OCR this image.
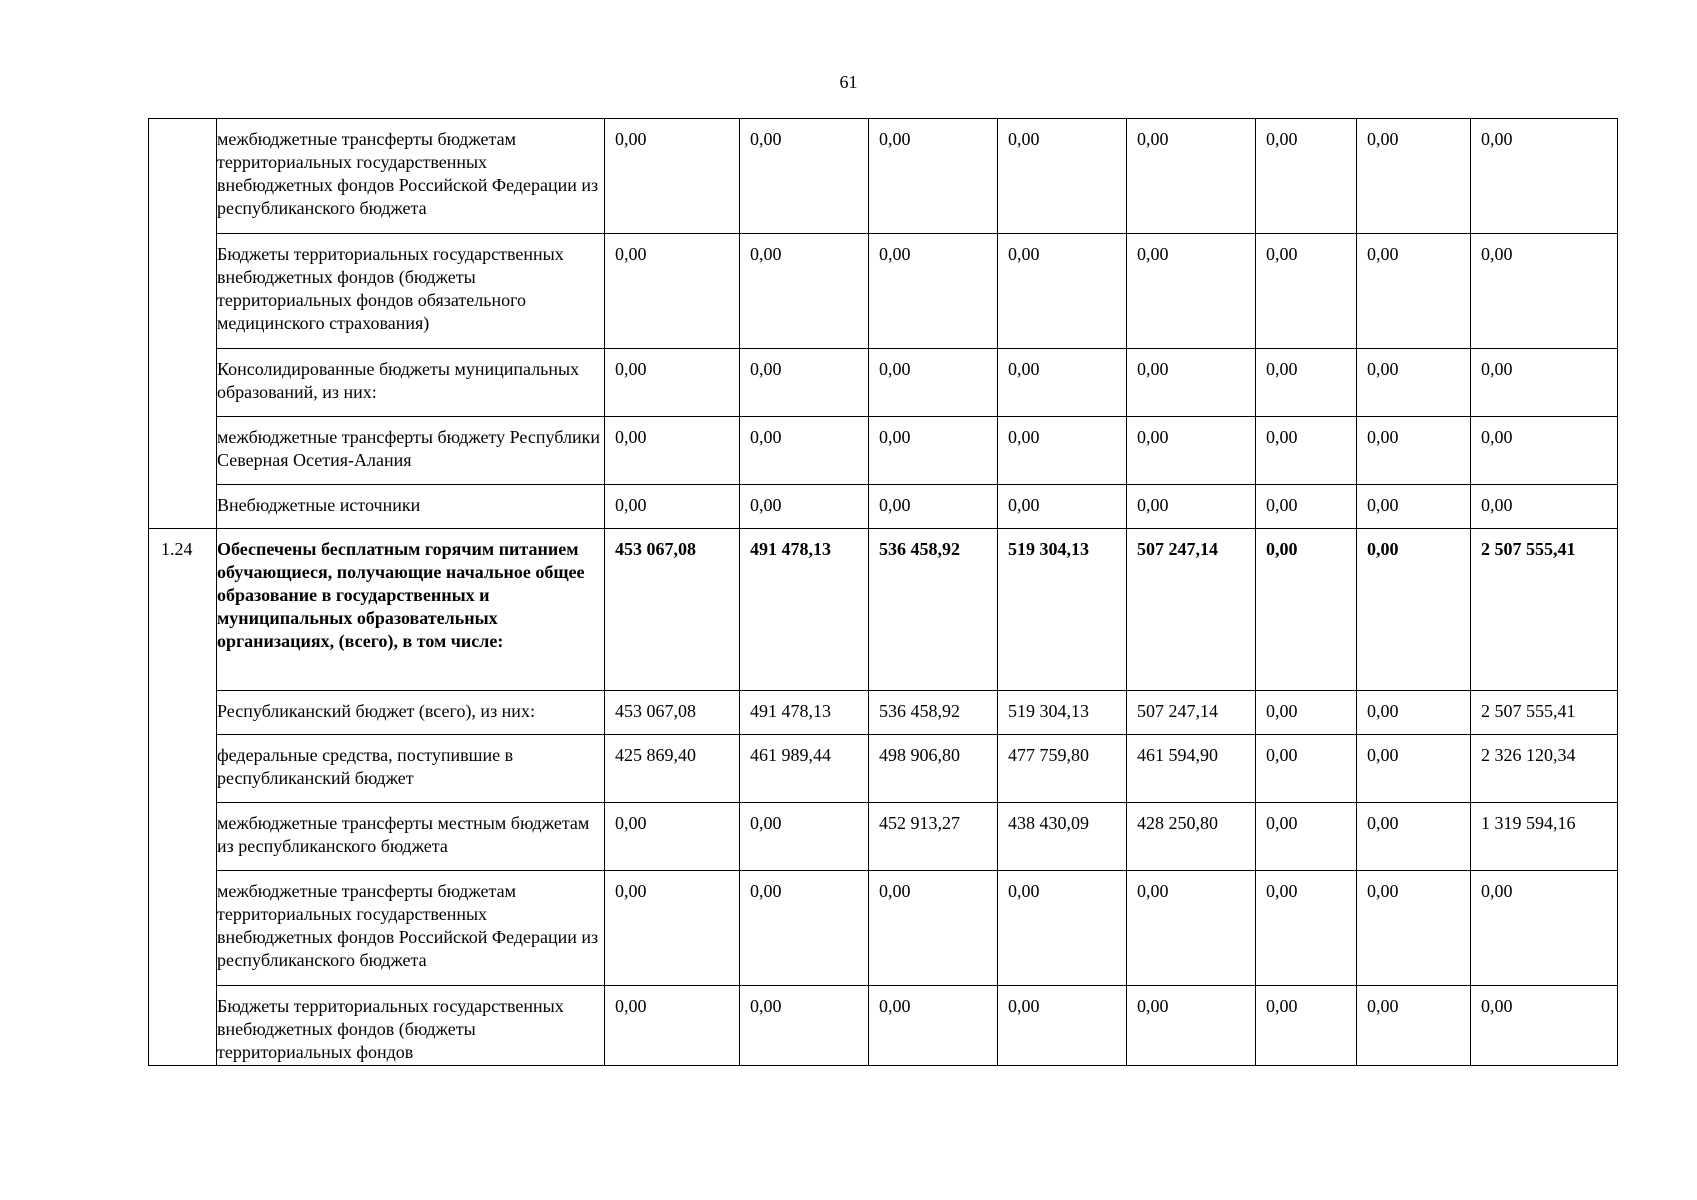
61
	межбюджетные трансферты бюджетам территориальных государственных внебюджетных фондов Российской Федерации из республиканского бюджета	0,00	0,00	0,00	0,00	0,00	0,00	0,00	0,00
	Бюджеты территориальных государственных внебюджетных фондов (бюджеты территориальных фондов обязательного медицинского страхования)	0,00	0,00	0,00	0,00	0,00	0,00	0,00	0,00
	Консолидированные бюджеты муниципальных образований, из них:	0,00	0,00	0,00	0,00	0,00	0,00	0,00	0,00
	межбюджетные трансферты бюджету Республики Северная Осетия-Алания	0,00	0,00	0,00	0,00	0,00	0,00	0,00	0,00
	Внебюджетные источники	0,00	0,00	0,00	0,00	0,00	0,00	0,00	0,00
1.24	Обеспечены бесплатным горячим питанием обучающиеся, получающие начальное общее образование в государственных и муниципальных образовательных организациях, (всего), в том числе:	453 067,08	491 478,13	536 458,92	519 304,13	507 247,14	0,00	0,00	2 507 555,41
	Республиканский бюджет (всего), из них:	453 067,08	491 478,13	536 458,92	519 304,13	507 247,14	0,00	0,00	2 507 555,41
	федеральные средства, поступившие в республиканский бюджет	425 869,40	461 989,44	498 906,80	477 759,80	461 594,90	0,00	0,00	2 326 120,34
	межбюджетные трансферты местным бюджетам из республиканского бюджета	0,00	0,00	452 913,27	438 430,09	428 250,80	0,00	0,00	1 319 594,16
	межбюджетные трансферты бюджетам территориальных государственных внебюджетных фондов Российской Федерации из республиканского бюджета	0,00	0,00	0,00	0,00	0,00	0,00	0,00	0,00
	Бюджеты территориальных государственных внебюджетных фондов (бюджеты территориальных фондов	0,00	0,00	0,00	0,00	0,00	0,00	0,00	0,00
